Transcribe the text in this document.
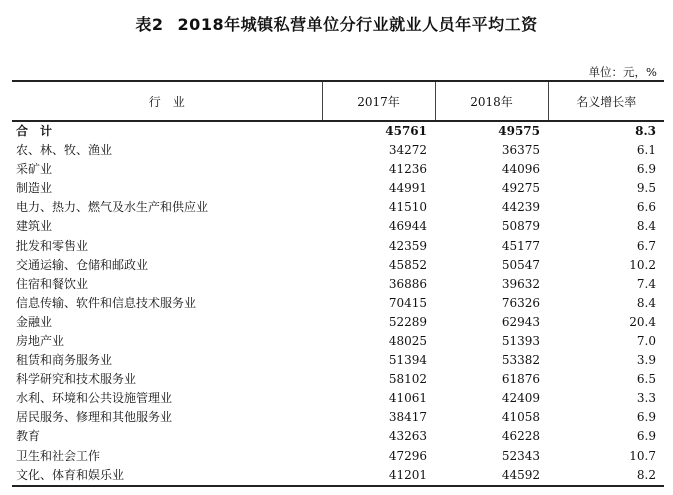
表2 2018年城镇私营单位分行业就业人员年平均工资
单位：元，%
行　业	2017年	2018年	名义增长率
合　计	45761	49575	8.3
农、林、牧、渔业	34272	36375	6.1
采矿业	41236	44096	6.9
制造业	44991	49275	9.5
电力、热力、燃气及水生产和供应业	41510	44239	6.6
建筑业	46944	50879	8.4
批发和零售业	42359	45177	6.7
交通运输、仓储和邮政业	45852	50547	10.2
住宿和餐饮业	36886	39632	7.4
信息传输、软件和信息技术服务业	70415	76326	8.4
金融业	52289	62943	20.4
房地产业	48025	51393	7.0
租赁和商务服务业	51394	53382	3.9
科学研究和技术服务业	58102	61876	6.5
水利、环境和公共设施管理业	41061	42409	3.3
居民服务、修理和其他服务业	38417	41058	6.9
教育	43263	46228	6.9
卫生和社会工作	47296	52343	10.7
文化、体育和娱乐业	41201	44592	8.2
